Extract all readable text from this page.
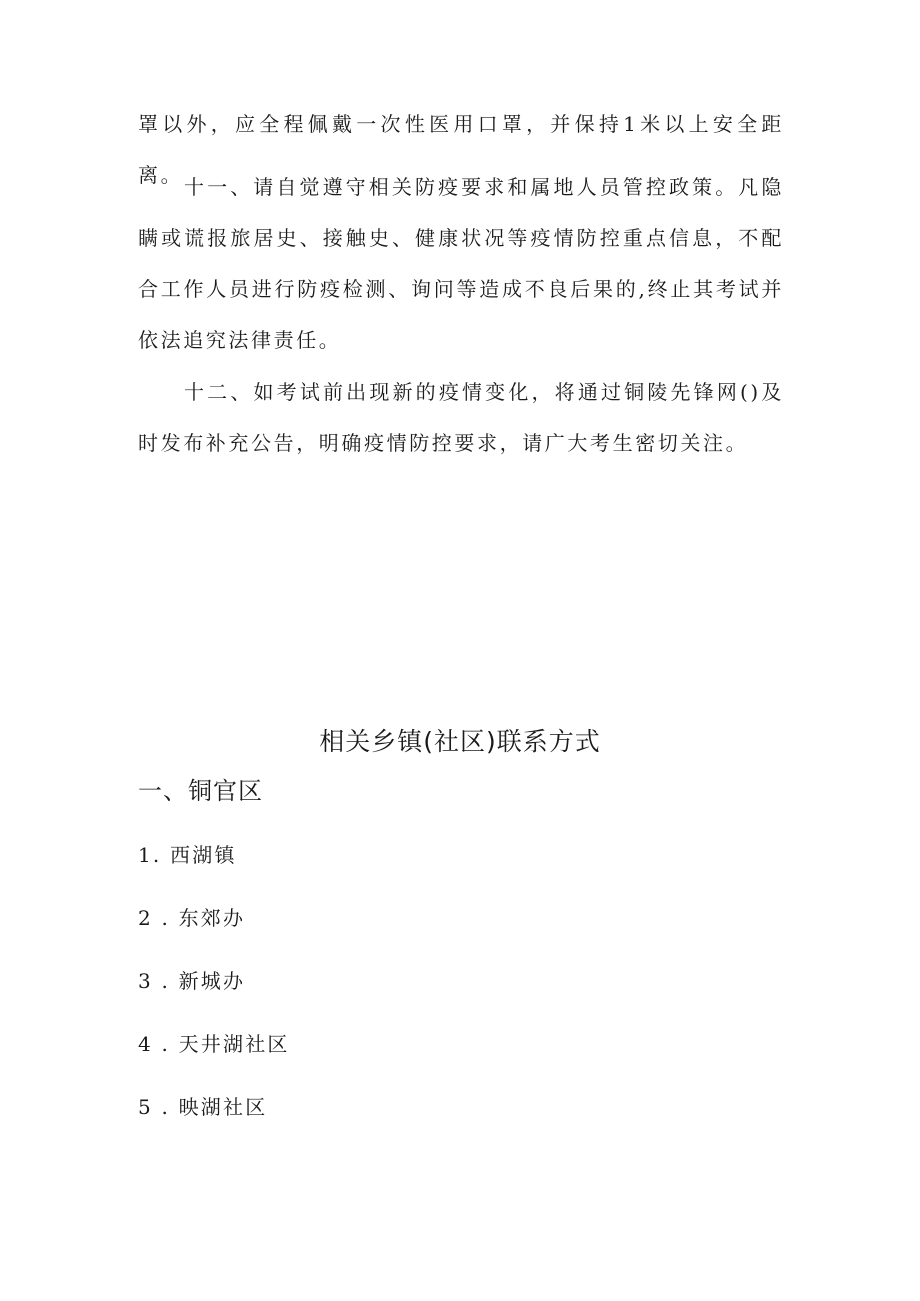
罩以外，应全程佩戴一次性医用口罩，并保持1米以上安全距离。 十一、请自觉遵守相关防疫要求和属地人员管控政策。凡隐瞒或谎报旅居史、接触史、健康状况等疫情防控重点信息，不配合工作人员进行防疫检测、询问等造成不良后果的,终止其考试并依法追究法律责任。

十二、如考试前出现新的疫情变化，将通过铜陵先锋网()及时发布补充公告，明确疫情防控要求，请广大考生密切关注。

相关乡镇(社区)联系方式
一、铜官区
1. 西湖镇
2 . 东郊办
3 . 新城办
4 . 天井湖社区
5 . 映湖社区
